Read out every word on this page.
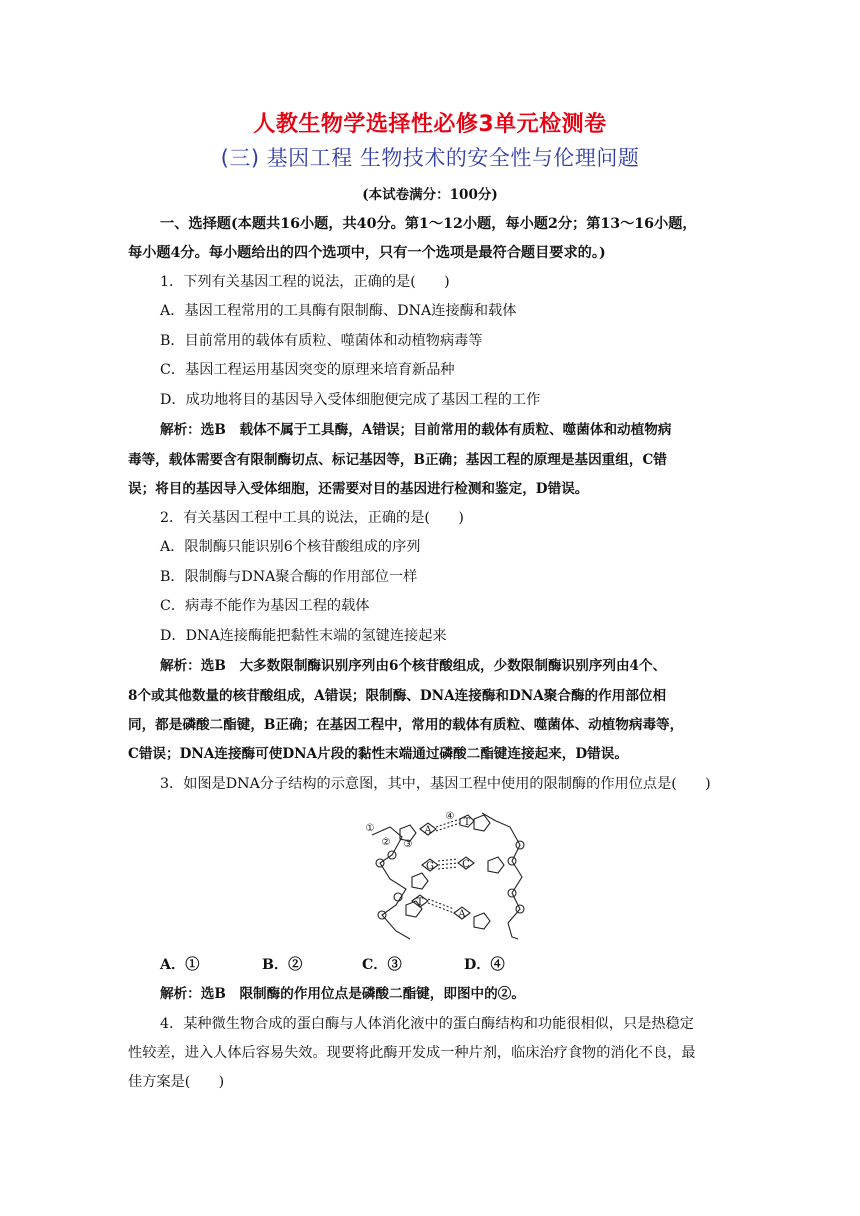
人教生物学选择性必修3单元检测卷
(三) 基因工程 生物技术的安全性与伦理问题
(本试卷满分：100分)
一、选择题(本题共16小题，共40分。第1～12小题，每小题2分；第13～16小题，
每小题4分。每小题给出的四个选项中，只有一个选项是最符合题目要求的。)
1．下列有关基因工程的说法，正确的是(　　)
A．基因工程常用的工具酶有限制酶、DNA连接酶和载体
B．目前常用的载体有质粒、噬菌体和动植物病毒等
C．基因工程运用基因突变的原理来培育新品种
D．成功地将目的基因导入受体细胞便完成了基因工程的工作
解析：选B　载体不属于工具酶，A错误；目前常用的载体有质粒、噬菌体和动植物病
毒等，载体需要含有限制酶切点、标记基因等，B正确；基因工程的原理是基因重组，C错
误；将目的基因导入受体细胞，还需要对目的基因进行检测和鉴定，D错误。
2．有关基因工程中工具的说法，正确的是(　　)
A．限制酶只能识别6个核苷酸组成的序列
B．限制酶与DNA聚合酶的作用部位一样
C．病毒不能作为基因工程的载体
D．DNA连接酶能把黏性末端的氢键连接起来
解析：选B　大多数限制酶识别序列由6个核苷酸组成，少数限制酶识别序列由4个、
8个或其他数量的核苷酸组成，A错误；限制酶、DNA连接酶和DNA聚合酶的作用部位相
同，都是磷酸二酯键，B正确；在基因工程中，常用的载体有质粒、噬菌体、动植物病毒等，
C错误；DNA连接酶可使DNA片段的黏性末端通过磷酸二酯键连接起来，D错误。
3．如图是DNA分子结构的示意图，其中，基因工程中使用的限制酶的作用位点是(　　)
①
② ③
④
A
T
G	C
T
A
A．①	B．②	C．③	D．④
解析：选B　限制酶的作用位点是磷酸二酯键，即图中的②。
4．某种微生物合成的蛋白酶与人体消化液中的蛋白酶结构和功能很相似，只是热稳定
性较差，进入人体后容易失效。现要将此酶开发成一种片剂，临床治疗食物的消化不良，最
佳方案是(　　)
